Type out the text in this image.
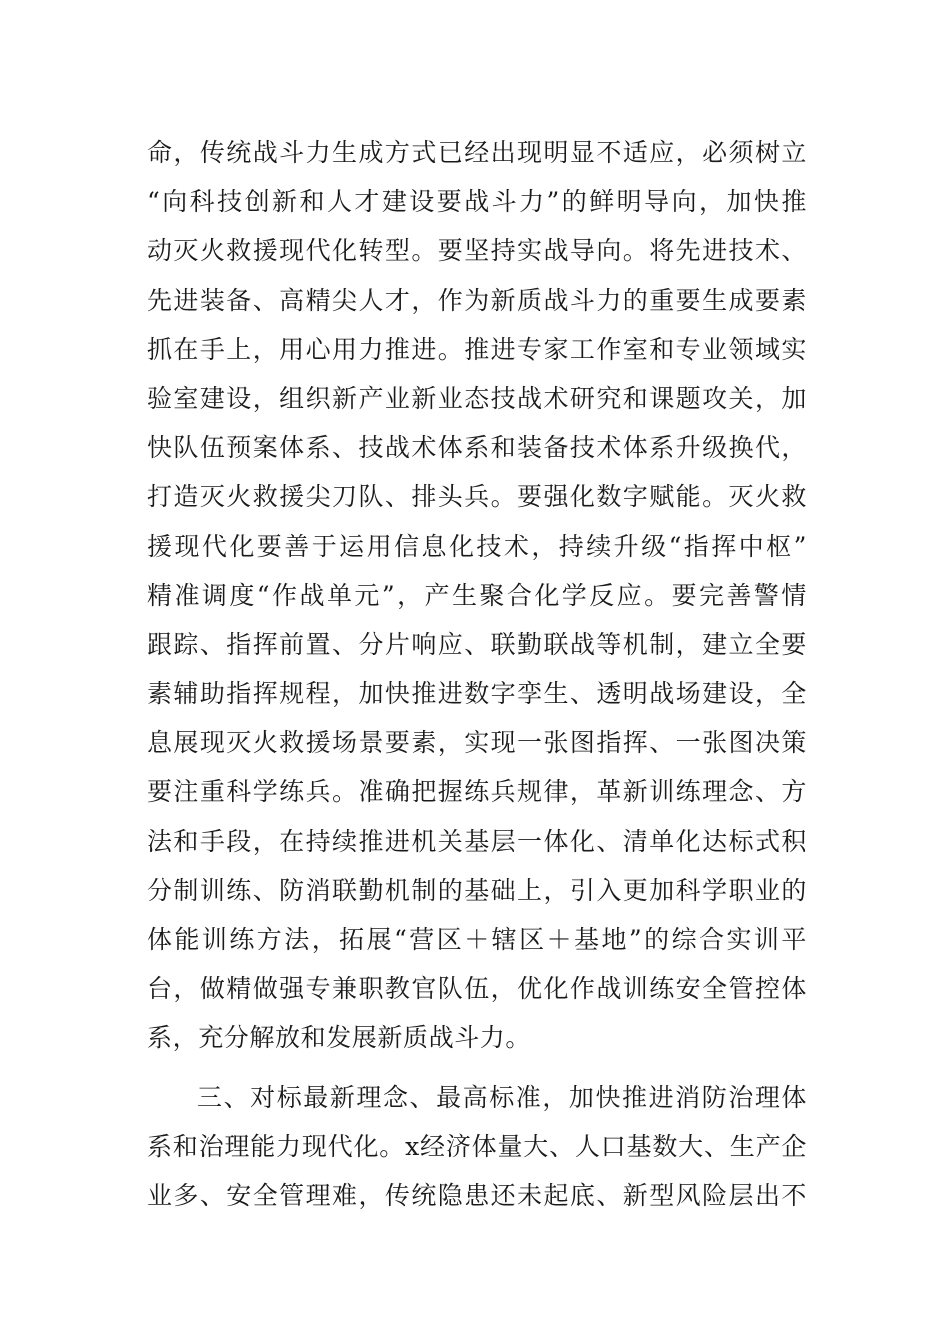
命，传统战斗力生成方式已经出现明显不适应，必须树立
“向科技创新和人才建设要战斗力”的鲜明导向，加快推
动灭火救援现代化转型。要坚持实战导向。将先进技术、
先进装备、高精尖人才，作为新质战斗力的重要生成要素
抓在手上，用心用力推进。推进专家工作室和专业领域实
验室建设，组织新产业新业态技战术研究和课题攻关，加
快队伍预案体系、技战术体系和装备技术体系升级换代，
打造灭火救援尖刀队、排头兵。要强化数字赋能。灭火救
援现代化要善于运用信息化技术，持续升级“指挥中枢”
精准调度“作战单元”，产生聚合化学反应。要完善警情
跟踪、指挥前置、分片响应、联勤联战等机制，建立全要
素辅助指挥规程，加快推进数字孪生、透明战场建设，全
息展现灭火救援场景要素，实现一张图指挥、一张图决策
要注重科学练兵。准确把握练兵规律，革新训练理念、方
法和手段，在持续推进机关基层一体化、清单化达标式积
分制训练、防消联勤机制的基础上，引入更加科学职业的
体能训练方法，拓展“营区＋辖区＋基地”的综合实训平
台，做精做强专兼职教官队伍，优化作战训练安全管控体
系，充分解放和发展新质战斗力。
三、对标最新理念、最高标准，加快推进消防治理体
系和治理能力现代化。x经济体量大、人口基数大、生产企
业多、安全管理难，传统隐患还未起底、新型风险层出不
